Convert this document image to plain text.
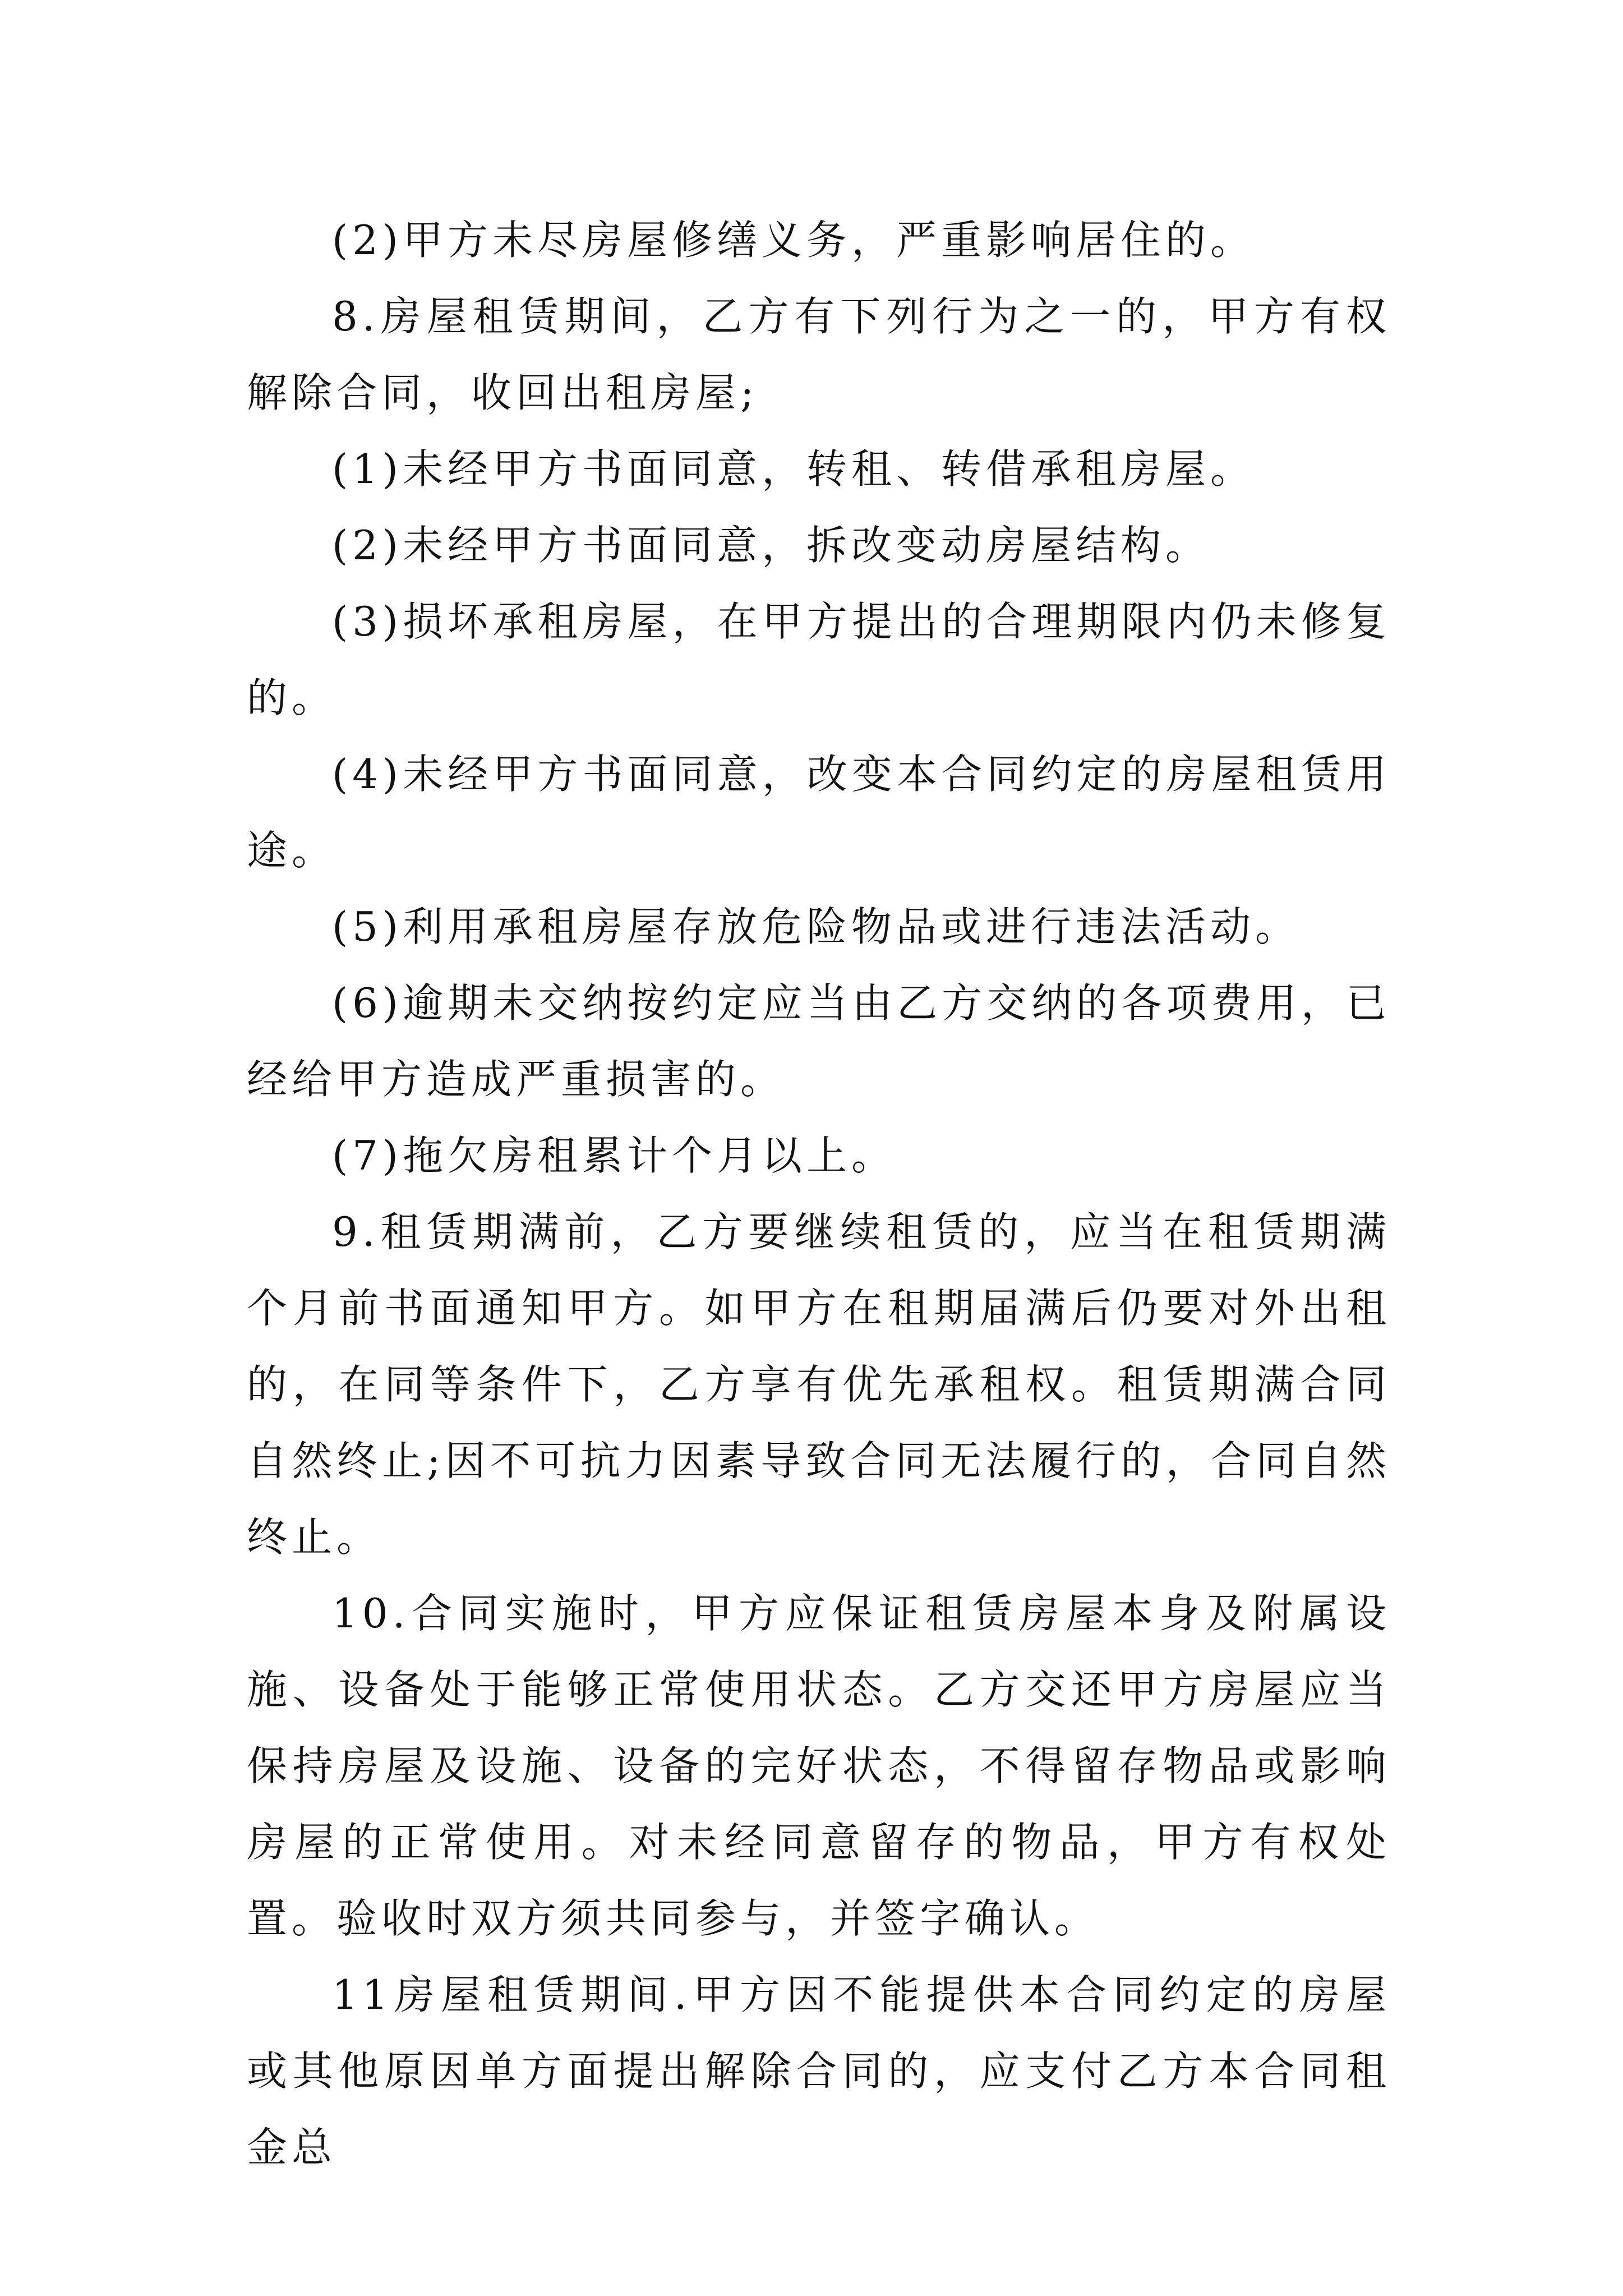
(2)甲方未尽房屋修缮义务，严重影响居住的。

8.房屋租赁期间，乙方有下列行为之一的，甲方有权解除合同，收回出租房屋;

(1)未经甲方书面同意，转租、转借承租房屋。

(2)未经甲方书面同意，拆改变动房屋结构。

(3)损坏承租房屋，在甲方提出的合理期限内仍未修复的。

(4)未经甲方书面同意，改变本合同约定的房屋租赁用途。

(5)利用承租房屋存放危险物品或进行违法活动。

(6)逾期未交纳按约定应当由乙方交纳的各项费用，已经给甲方造成严重损害的。

(7)拖欠房租累计个月以上。

9.租赁期满前，乙方要继续租赁的，应当在租赁期满个月前书面通知甲方。如甲方在租期届满后仍要对外出租的，在同等条件下，乙方享有优先承租权。租赁期满合同自然终止;因不可抗力因素导致合同无法履行的，合同自然终止。

10.合同实施时，甲方应保证租赁房屋本身及附属设施、设备处于能够正常使用状态。乙方交还甲方房屋应当保持房屋及设施、设备的完好状态，不得留存物品或影响房屋的正常使用。对未经同意留存的物品，甲方有权处置。验收时双方须共同参与，并签字确认。

11房屋租赁期间.甲方因不能提供本合同约定的房屋或其他原因单方面提出解除合同的，应支付乙方本合同租金总
